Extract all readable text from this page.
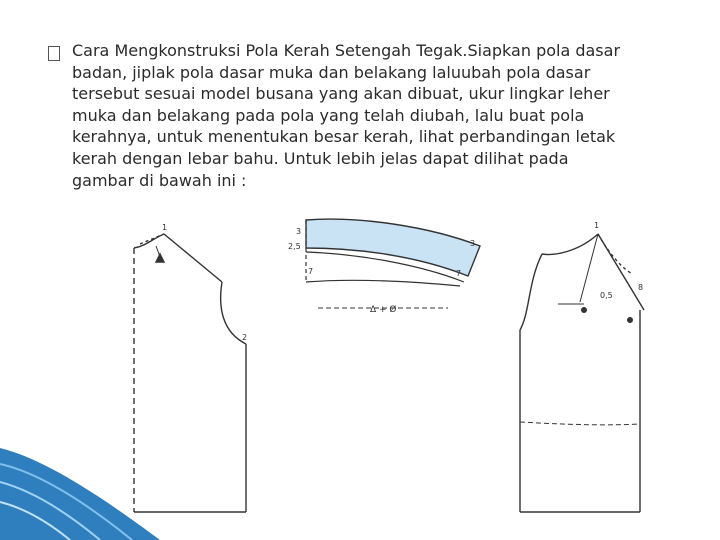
Cara Mengkonstruksi Pola Kerah Setengah Tegak.Siapkan pola dasar
badan, jiplak pola dasar muka dan belakang laluubah pola dasar
tersebut sesuai model busana yang akan dibuat, ukur lingkar leher
muka dan belakang pada pola yang telah diubah, lalu buat pola
kerahnya, untuk menentukan besar kerah, lihat perbandingan letak
kerah dengan lebar bahu. Untuk lebih jelas dapat dilihat pada
gambar di bawah ini :
1
2
3
2,5	3
7	7
Δ + Ø
1
0,5
8
